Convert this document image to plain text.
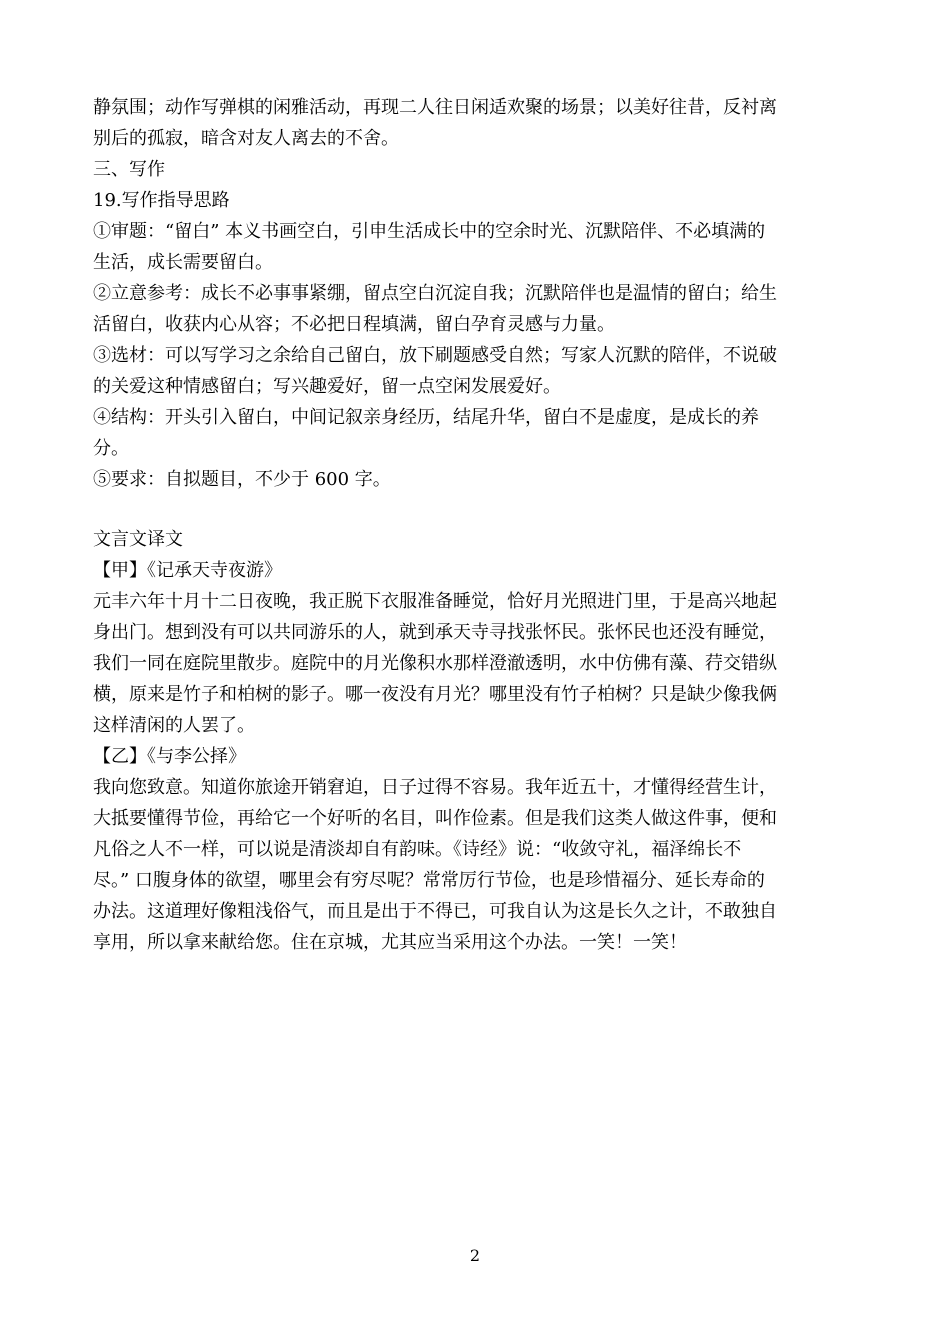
静氛围；动作写弹棋的闲雅活动，再现二人往日闲适欢聚的场景；以美好往昔，反衬离
别后的孤寂，暗含对友人离去的不舍。
三、写作
19.写作指导思路
①审题：“留白” 本义书画空白，引申生活成长中的空余时光、沉默陪伴、不必填满的
生活，成长需要留白。
②立意参考：成长不必事事紧绷，留点空白沉淀自我；沉默陪伴也是温情的留白；给生
活留白，收获内心从容；不必把日程填满，留白孕育灵感与力量。
③选材：可以写学习之余给自己留白，放下刷题感受自然；写家人沉默的陪伴，不说破
的关爱这种情感留白；写兴趣爱好，留一点空闲发展爱好。
④结构：开头引入留白，中间记叙亲身经历，结尾升华，留白不是虚度，是成长的养
分。
⑤要求：自拟题目，不少于 600 字。
文言文译文
【甲】《记承天寺夜游》
元丰六年十月十二日夜晚，我正脱下衣服准备睡觉，恰好月光照进门里，于是高兴地起
身出门。想到没有可以共同游乐的人，就到承天寺寻找张怀民。张怀民也还没有睡觉，
我们一同在庭院里散步。庭院中的月光像积水那样澄澈透明，水中仿佛有藻、荇交错纵
横，原来是竹子和柏树的影子。哪一夜没有月光？哪里没有竹子柏树？只是缺少像我俩
这样清闲的人罢了。
【乙】《与李公择》
我向您致意。知道你旅途开销窘迫，日子过得不容易。我年近五十，才懂得经营生计，
大抵要懂得节俭，再给它一个好听的名目，叫作俭素。但是我们这类人做这件事，便和
凡俗之人不一样，可以说是清淡却自有韵味。《诗经》说：“收敛守礼，福泽绵长不
尽。” 口腹身体的欲望，哪里会有穷尽呢？常常厉行节俭，也是珍惜福分、延长寿命的
办法。这道理好像粗浅俗气，而且是出于不得已，可我自认为这是长久之计，不敢独自
享用，所以拿来献给您。住在京城，尤其应当采用这个办法。一笑！一笑！
2
